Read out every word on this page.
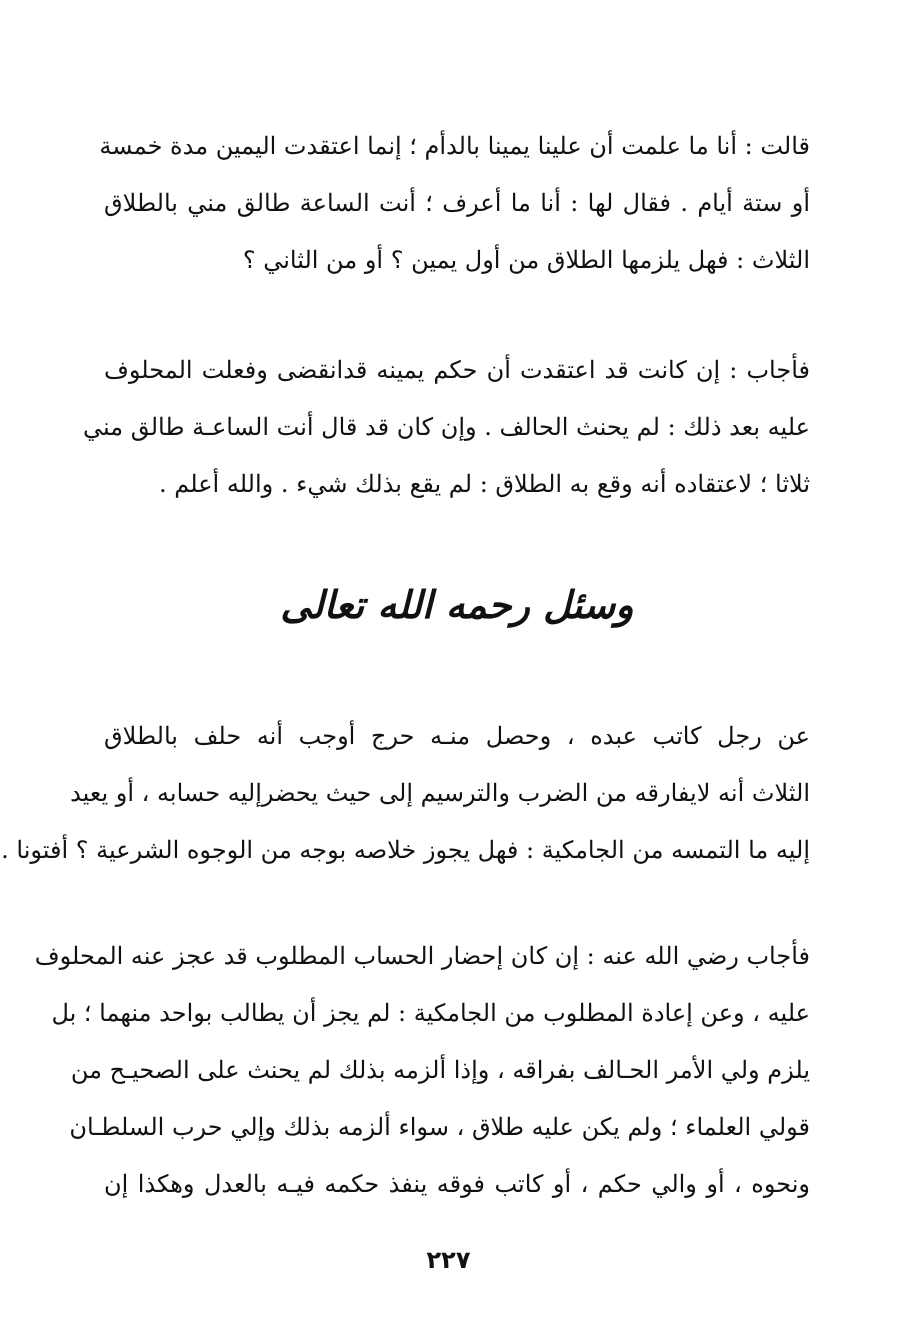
قالت : أنا ما علمت أن علينا يمينا بالدأم ؛ إنما اعتقدت اليمين مدة خمسة
أو ستة أيام . فقال لها : أنا ما أعرف ؛ أنت الساعة طالق مني بالطلاق
الثلاث : فهل يلزمها الطلاق من أول يمين ؟ أو من الثاني ؟
فأجاب : إن كانت قد اعتقدت أن حكم يمينه قدانقضى وفعلت المحلوف
عليه بعد ذلك : لم يحنث الحالف . وإن كان قد قال أنت الساعـة طالق مني
ثلاثا ؛ لاعتقاده أنه وقع به الطلاق : لم يقع بذلك شيء . والله أعلم .
وسئل رحمه الله تعالى
عن رجل كاتب عبده ، وحصل منـه حرج أوجب أنه حلف بالطلاق
الثلاث أنه لايفارقه من الضرب والترسيم إلى حيث يحضرإليه حسابه ، أو يعيد
إليه ما التمسه من الجامكية : فهل يجوز خلاصه بوجه من الوجوه الشرعية ؟ أفتونا .
فأجاب رضي الله عنه : إن كان إحضار الحساب المطلوب قد عجز عنه المحلوف
عليه ، وعن إعادة المطلوب من الجامكية : لم يجز أن يطالب بواحد منهما ؛ بل
يلزم ولي الأمر الحـالف بفراقه ، وإذا ألزمه بذلك لم يحنث على الصحيـح من
قولي العلماء ؛ ولم يكن عليه طلاق ، سواء ألزمه بذلك وإلي حرب السلطـان
ونحوه ، أو والي حكم ، أو كاتب فوقه ينفذ حكمه فيـه بالعدل وهكذا إن
٢٢٧
